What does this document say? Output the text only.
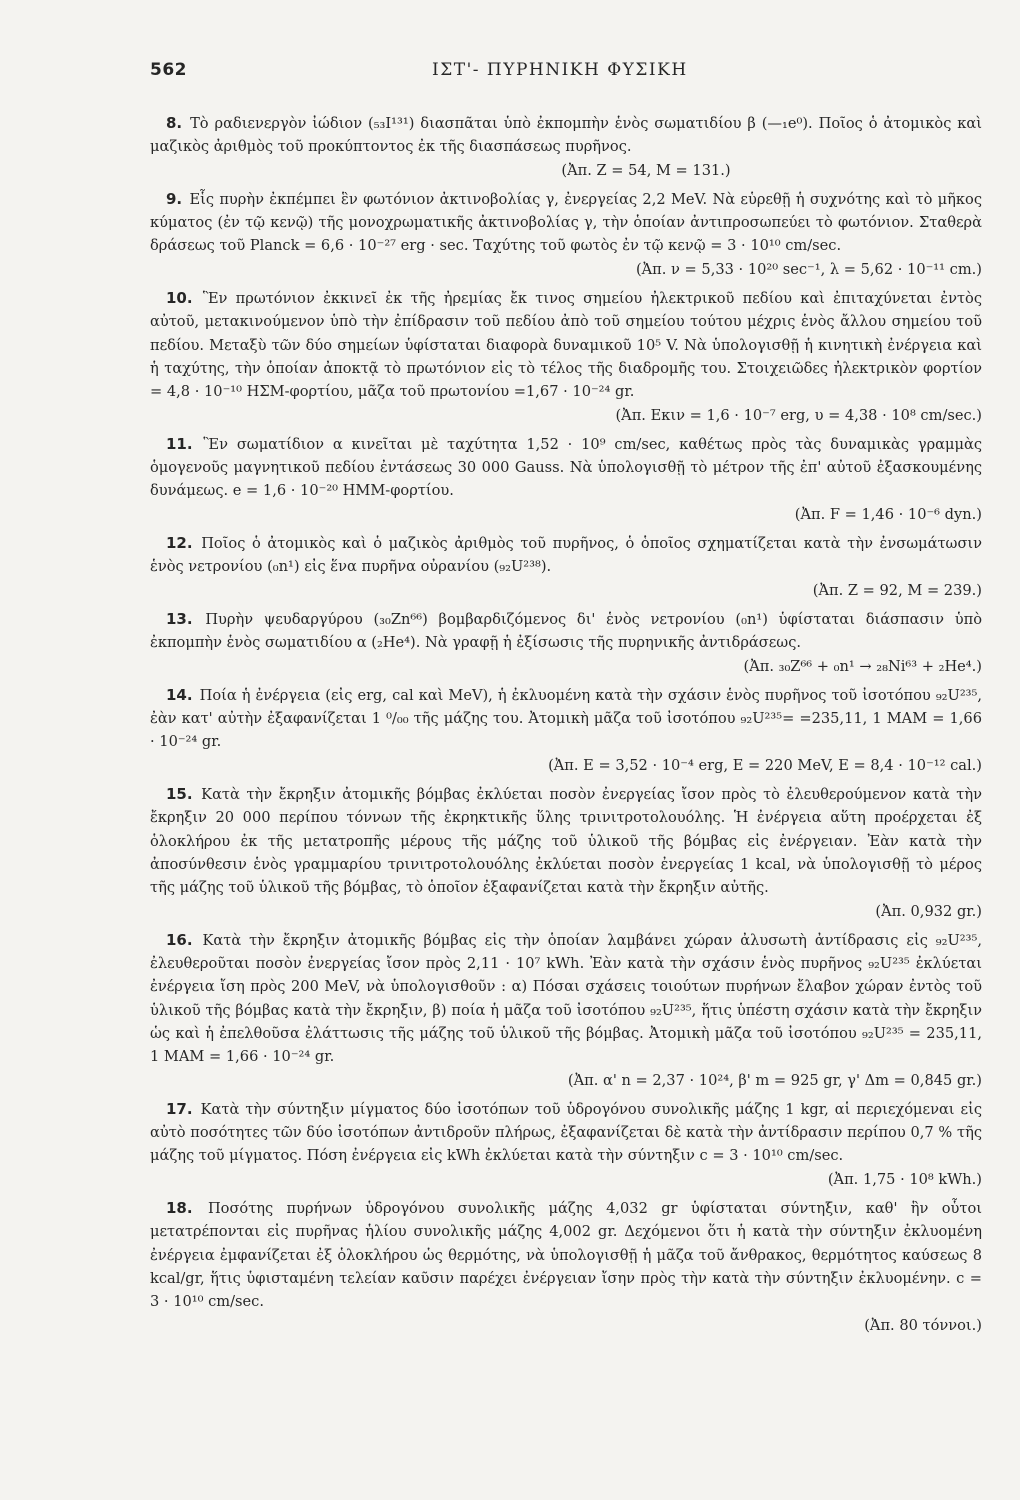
562	ΙΣΤ'- ΠΥΡΗΝΙΚΗ ΦΥΣΙΚΗ

8. Τὸ ραδιενεργὸν ἰώδιον (₅₃I¹³¹) διασπᾶται ὑπὸ ἐκπομπὴν ἑνὸς σωματιδίου β (—₁e⁰). Ποῖος ὁ ἀτομικὸς καὶ μαζικὸς ἀριθμὸς τοῦ προκύπτοντος ἐκ τῆς διασπάσεως πυρῆνος.
(Ἀπ. Z = 54, M = 131.)

9. Εἷς πυρὴν ἐκπέμπει ἓν φωτόνιον ἀκτινοβολίας γ, ἐνεργείας 2,2 MeV. Νὰ εὑρεθῇ ἡ συχνότης καὶ τὸ μῆκος κύματος (ἐν τῷ κενῷ) τῆς μονοχρωματικῆς ἀκτινοβολίας γ, τὴν ὁποίαν ἀντιπροσωπεύει τὸ φωτόνιον. Σταθερὰ δράσεως τοῦ Planck = 6,6 · 10⁻²⁷ erg · sec. Ταχύτης τοῦ φωτὸς ἐν τῷ κενῷ = 3 · 10¹⁰ cm/sec.
(Ἀπ. ν = 5,33 · 10²⁰ sec⁻¹, λ = 5,62 · 10⁻¹¹ cm.)

10. Ἓν πρωτόνιον ἐκκινεῖ ἐκ τῆς ἠρεμίας ἔκ τινος σημείου ἠλεκτρικοῦ πεδίου καὶ ἐπιταχύνεται ἐντὸς αὐτοῦ, μετακινούμενον ὑπὸ τὴν ἐπίδρασιν τοῦ πεδίου ἀπὸ τοῦ σημείου τούτου μέχρις ἑνὸς ἄλλου σημείου τοῦ πεδίου. Μεταξὺ τῶν δύο σημείων ὑφίσταται διαφορὰ δυναμικοῦ 10⁵ V. Νὰ ὑπολογισθῇ ἡ κινητικὴ ἐνέργεια καὶ ἡ ταχύτης, τὴν ὁποίαν ἀποκτᾷ τὸ πρωτόνιον εἰς τὸ τέλος τῆς διαδρομῆς του. Στοιχειῶδες ἠλεκτρικὸν φορτίον = 4,8 · 10⁻¹⁰ ΗΣΜ-φορτίου, μᾶζα τοῦ πρωτονίου =1,67 · 10⁻²⁴ gr.
(Ἀπ. Eκιν = 1,6 · 10⁻⁷ erg, υ = 4,38 · 10⁸ cm/sec.)

11. Ἓν σωματίδιον α κινεῖται μὲ ταχύτητα 1,52 · 10⁹ cm/sec, καθέτως πρὸς τὰς δυναμικὰς γραμμὰς ὁμογενοῦς μαγνητικοῦ πεδίου ἐντάσεως 30 000 Gauss. Νὰ ὑπολογισθῇ τὸ μέτρον τῆς ἐπ' αὐτοῦ ἐξασκουμένης δυνάμεως. e = 1,6 · 10⁻²⁰ ΗΜΜ-φορτίου.
(Ἀπ. F = 1,46 · 10⁻⁶ dyn.)

12. Ποῖος ὁ ἀτομικὸς καὶ ὁ μαζικὸς ἀριθμὸς τοῦ πυρῆνος, ὁ ὁποῖος σχηματίζεται κατὰ τὴν ἐνσωμάτωσιν ἑνὸς νετρονίου (₀n¹) εἰς ἕνα πυρῆνα οὐρανίου (₉₂U²³⁸).
(Ἀπ. Z = 92, M = 239.)

13. Πυρὴν ψευδαργύρου (₃₀Zn⁶⁶) βομβαρδιζόμενος δι' ἑνὸς νετρονίου (₀n¹) ὑφίσταται διάσπασιν ὑπὸ ἐκπομπὴν ἑνὸς σωματιδίου α (₂He⁴). Νὰ γραφῇ ἡ ἐξίσωσις τῆς πυρηνικῆς ἀντιδράσεως.
(Ἀπ. ₃₀Z⁶⁶ + ₀n¹ → ₂₈Ni⁶³ + ₂He⁴.)

14. Ποία ἡ ἐνέργεια (εἰς erg, cal καὶ MeV), ἡ ἐκλυομένη κατὰ τὴν σχάσιν ἑνὸς πυρῆνος τοῦ ἰσοτόπου ₉₂U²³⁵, ἐὰν κατ' αὐτὴν ἐξαφανίζεται 1 ⁰/₀₀ τῆς μάζης του. Ἀτομικὴ μᾶζα τοῦ ἰσοτόπου ₉₂U²³⁵= =235,11, 1 MAM = 1,66 · 10⁻²⁴ gr.
(Ἀπ. E = 3,52 · 10⁻⁴ erg, E = 220 MeV, E = 8,4 · 10⁻¹² cal.)

15. Κατὰ τὴν ἔκρηξιν ἀτομικῆς βόμβας ἐκλύεται ποσὸν ἐνεργείας ἴσον πρὸς τὸ ἐλευθερούμενον κατὰ τὴν ἔκρηξιν 20 000 περίπου τόννων τῆς ἐκρηκτικῆς ὕλης τρινιτροτολουόλης. Ἡ ἐνέργεια αὕτη προέρχεται ἐξ ὁλοκλήρου ἐκ τῆς μετατροπῆς μέρους τῆς μάζης τοῦ ὑλικοῦ τῆς βόμβας εἰς ἐνέργειαν. Ἐὰν κατὰ τὴν ἀποσύνθεσιν ἑνὸς γραμμαρίου τρινιτροτολουόλης ἐκλύεται ποσὸν ἐνεργείας 1 kcal, νὰ ὑπολογισθῇ τὸ μέρος τῆς μάζης τοῦ ὑλικοῦ τῆς βόμβας, τὸ ὁποῖον ἐξαφανίζεται κατὰ τὴν ἔκρηξιν αὐτῆς.
(Ἀπ. 0,932 gr.)

16. Κατὰ τὴν ἔκρηξιν ἀτομικῆς βόμβας εἰς τὴν ὁποίαν λαμβάνει χώραν ἀλυσωτὴ ἀντίδρασις εἰς ₉₂U²³⁵, ἐλευθεροῦται ποσὸν ἐνεργείας ἴσον πρὸς 2,11 · 10⁷ kWh. Ἐὰν κατὰ τὴν σχάσιν ἑνὸς πυρῆνος ₉₂U²³⁵ ἐκλύεται ἐνέργεια ἴση πρὸς 200 MeV, νὰ ὑπολογισθοῦν : α) Πόσαι σχάσεις τοιούτων πυρήνων ἔλαβον χώραν ἐντὸς τοῦ ὑλικοῦ τῆς βόμβας κατὰ τὴν ἔκρηξιν, β) ποία ἡ μᾶζα τοῦ ἰσοτόπου ₉₂U²³⁵, ἥτις ὑπέστη σχάσιν κατὰ τὴν ἔκρηξιν ὡς καὶ ἡ ἐπελθοῦσα ἐλάττωσις τῆς μάζης τοῦ ὑλικοῦ τῆς βόμβας. Ἀτομικὴ μᾶζα τοῦ ἰσοτόπου ₉₂U²³⁵ = 235,11, 1 MAM = 1,66 · 10⁻²⁴ gr.
(Ἀπ. α' n = 2,37 · 10²⁴, β' m = 925 gr, γ' Δm = 0,845 gr.)

17. Κατὰ τὴν σύντηξιν μίγματος δύο ἰσοτόπων τοῦ ὑδρογόνου συνολικῆς μάζης 1 kgr, αἱ περιεχόμεναι εἰς αὐτὸ ποσότητες τῶν δύο ἰσοτόπων ἀντιδροῦν πλήρως, ἐξαφανίζεται δὲ κατὰ τὴν ἀντίδρασιν περίπου 0,7 % τῆς μάζης τοῦ μίγματος. Πόση ἐνέργεια εἰς kWh ἐκλύεται κατὰ τὴν σύντηξιν c = 3 · 10¹⁰ cm/sec.
(Ἀπ. 1,75 · 10⁸ kWh.)

18. Ποσότης πυρήνων ὑδρογόνου συνολικῆς μάζης 4,032 gr ὑφίσταται σύντηξιν, καθ' ἣν οὗτοι μετατρέπονται εἰς πυρῆνας ἡλίου συνολικῆς μάζης 4,002 gr. Δεχόμενοι ὅτι ἡ κατὰ τὴν σύντηξιν ἐκλυομένη ἐνέργεια ἐμφανίζεται ἐξ ὁλοκλήρου ὡς θερμότης, νὰ ὑπολογισθῇ ἡ μᾶζα τοῦ ἄνθρακος, θερμότητος καύσεως 8 kcal/gr, ἥτις ὑφισταμένη τελείαν καῦσιν παρέχει ἐνέργειαν ἴσην πρὸς τὴν κατὰ τὴν σύντηξιν ἐκλυομένην. c = 3 · 10¹⁰ cm/sec.
(Ἀπ. 80 τόννοι.)
